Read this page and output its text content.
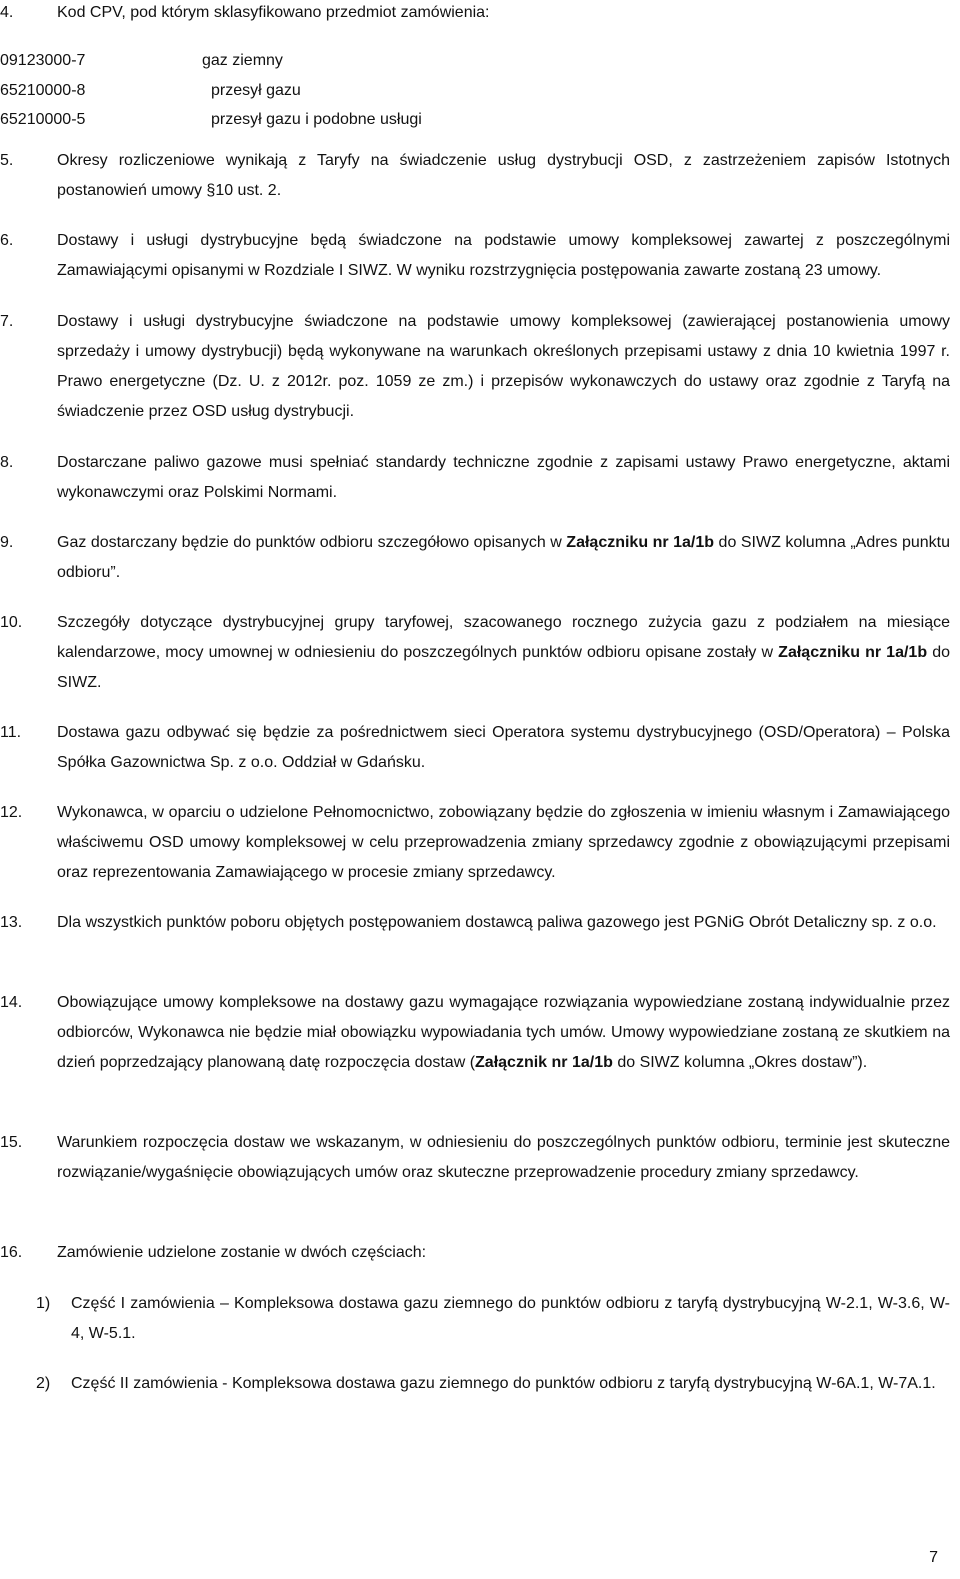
4.	Kod CPV, pod którym sklasyfikowano przedmiot zamówienia:
09123000-7	gaz ziemny
65210000-8	przesył gazu
65210000-5	przesył gazu i podobne usługi
5.	Okresy rozliczeniowe wynikają z Taryfy na świadczenie usług dystrybucji OSD, z zastrzeżeniem zapisów Istotnych postanowień umowy §10 ust. 2.
6.	Dostawy i usługi dystrybucyjne będą świadczone na podstawie umowy kompleksowej zawartej z poszczególnymi Zamawiającymi opisanymi w Rozdziale I SIWZ. W wyniku rozstrzygnięcia postępowania zawarte zostaną 23 umowy.
7.	Dostawy i usługi dystrybucyjne świadczone na podstawie umowy kompleksowej (zawierającej postanowienia umowy sprzedaży i umowy dystrybucji) będą wykonywane na warunkach określonych przepisami ustawy z dnia 10 kwietnia 1997 r. Prawo energetyczne (Dz. U. z 2012r. poz. 1059 ze zm.) i przepisów wykonawczych do ustawy oraz zgodnie z Taryfą na świadczenie przez OSD usług dystrybucji.
8.	Dostarczane paliwo gazowe musi spełniać standardy techniczne zgodnie z zapisami ustawy Prawo energetyczne, aktami wykonawczymi oraz Polskimi Normami.
9.	Gaz dostarczany będzie do punktów odbioru szczegółowo opisanych w Załączniku nr 1a/1b do SIWZ kolumna „Adres punktu odbioru”.
10. Szczegóły dotyczące dystrybucyjnej grupy taryfowej, szacowanego rocznego zużycia gazu z podziałem na miesiące kalendarzowe, mocy umownej w odniesieniu do poszczególnych punktów odbioru opisane zostały w Załączniku nr 1a/1b do SIWZ.
11. Dostawa gazu odbywać się będzie za pośrednictwem sieci Operatora systemu dystrybucyjnego (OSD/Operatora) – Polska Spółka Gazownictwa Sp. z o.o. Oddział w Gdańsku.
12. Wykonawca, w oparciu o udzielone Pełnomocnictwo, zobowiązany będzie do zgłoszenia w imieniu własnym i Zamawiającego właściwemu OSD umowy kompleksowej w celu przeprowadzenia zmiany sprzedawcy zgodnie z obowiązującymi przepisami oraz reprezentowania Zamawiającego w procesie zmiany sprzedawcy.
13. Dla wszystkich punktów poboru objętych postępowaniem dostawcą paliwa gazowego jest PGNiG Obrót Detaliczny sp. z o.o.
14. Obowiązujące umowy kompleksowe na dostawy gazu wymagające rozwiązania wypowiedziane zostaną indywidualnie przez odbiorców, Wykonawca nie będzie miał obowiązku wypowiadania tych umów. Umowy wypowiedziane zostaną ze skutkiem na dzień poprzedzający planowaną datę rozpoczęcia dostaw (Załącznik nr 1a/1b do SIWZ kolumna „Okres dostaw”).
15. Warunkiem rozpoczęcia dostaw we wskazanym, w odniesieniu do poszczególnych punktów odbioru, terminie jest skuteczne rozwiązanie/wygaśnięcie obowiązujących umów oraz skuteczne przeprowadzenie procedury zmiany sprzedawcy.
16. Zamówienie udzielone zostanie w dwóch częściach:
1) Część I zamówienia – Kompleksowa dostawa gazu ziemnego do punktów odbioru z taryfą dystrybucyjną W-2.1, W-3.6, W-4, W-5.1.
2) Część II zamówienia - Kompleksowa dostawa gazu ziemnego do punktów odbioru z taryfą dystrybucyjną W-6A.1, W-7A.1.
7
